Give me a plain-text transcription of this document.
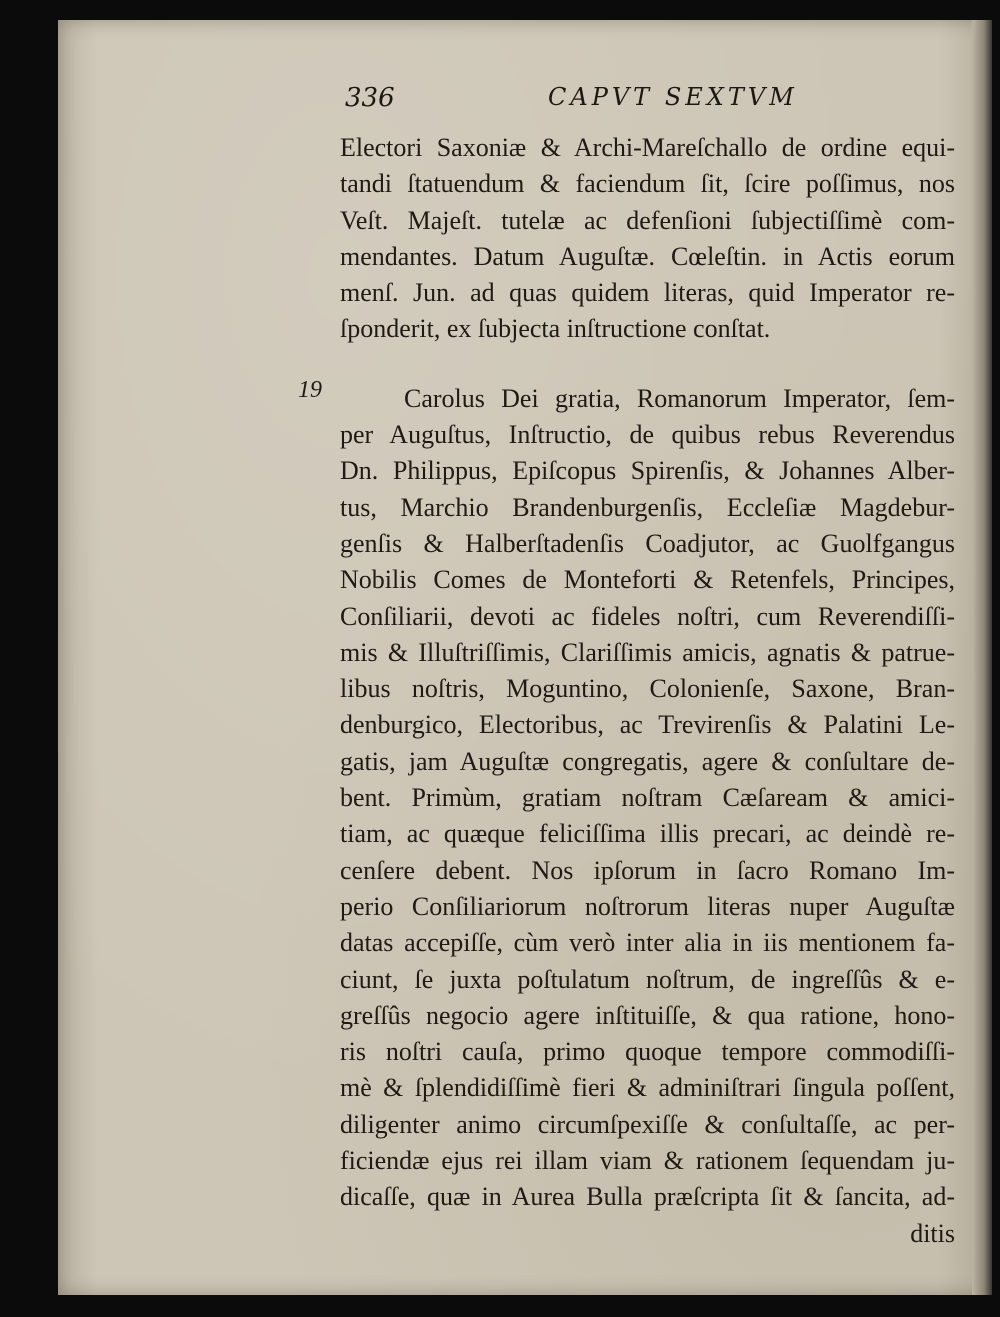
336	CAPVT SEXTVM
19
Electori Saxoniæ & Archi-Mareſchallo de ordine equi-
tandi ſtatuendum & faciendum ſit, ſcire poſſimus, nos
Veſt. Majeſt. tutelæ ac defenſioni ſubjectiſſimè com-
mendantes. Datum Auguſtæ. Cœleſtin. in Actis eorum
menſ. Jun. ad quas quidem literas, quid Imperator re-
ſponderit, ex ſubjecta inſtructione conſtat.
Carolus Dei gratia, Romanorum Imperator, ſem-
per Auguſtus, Inſtructio, de quibus rebus Reverendus
Dn. Philippus, Epiſcopus Spirenſis, & Johannes Alber-
tus, Marchio Brandenburgenſis, Eccleſiæ Magdebur-
genſis & Halberſtadenſis Coadjutor, ac Guolfgangus
Nobilis Comes de Monteforti & Retenfels, Principes,
Conſiliarii, devoti ac fideles noſtri, cum Reverendiſſi-
mis & Illuſtriſſimis, Clariſſimis amicis, agnatis & patrue-
libus noſtris, Moguntino, Colonienſe, Saxone, Bran-
denburgico, Electoribus, ac Trevirenſis & Palatini Le-
gatis, jam Auguſtæ congregatis, agere & conſultare de-
bent. Primùm, gratiam noſtram Cæſaream & amici-
tiam, ac quæque feliciſſima illis precari, ac deindè re-
cenſere debent. Nos ipſorum in ſacro Romano Im-
perio Conſiliariorum noſtrorum literas nuper Auguſtæ
datas accepiſſe, cùm verò inter alia in iis mentionem fa-
ciunt, ſe juxta poſtulatum noſtrum, de ingreſſûs & e-
greſſûs negocio agere inſtituiſſe, & qua ratione, hono-
ris noſtri cauſa, primo quoque tempore commodiſſi-
mè & ſplendidiſſimè fieri & adminiſtrari ſingula poſſent,
diligenter animo circumſpexiſſe & conſultaſſe, ac per-
ficiendæ ejus rei illam viam & rationem ſequendam ju-
dicaſſe, quæ in Aurea Bulla præſcripta ſit & ſancita, ad-
ditis
